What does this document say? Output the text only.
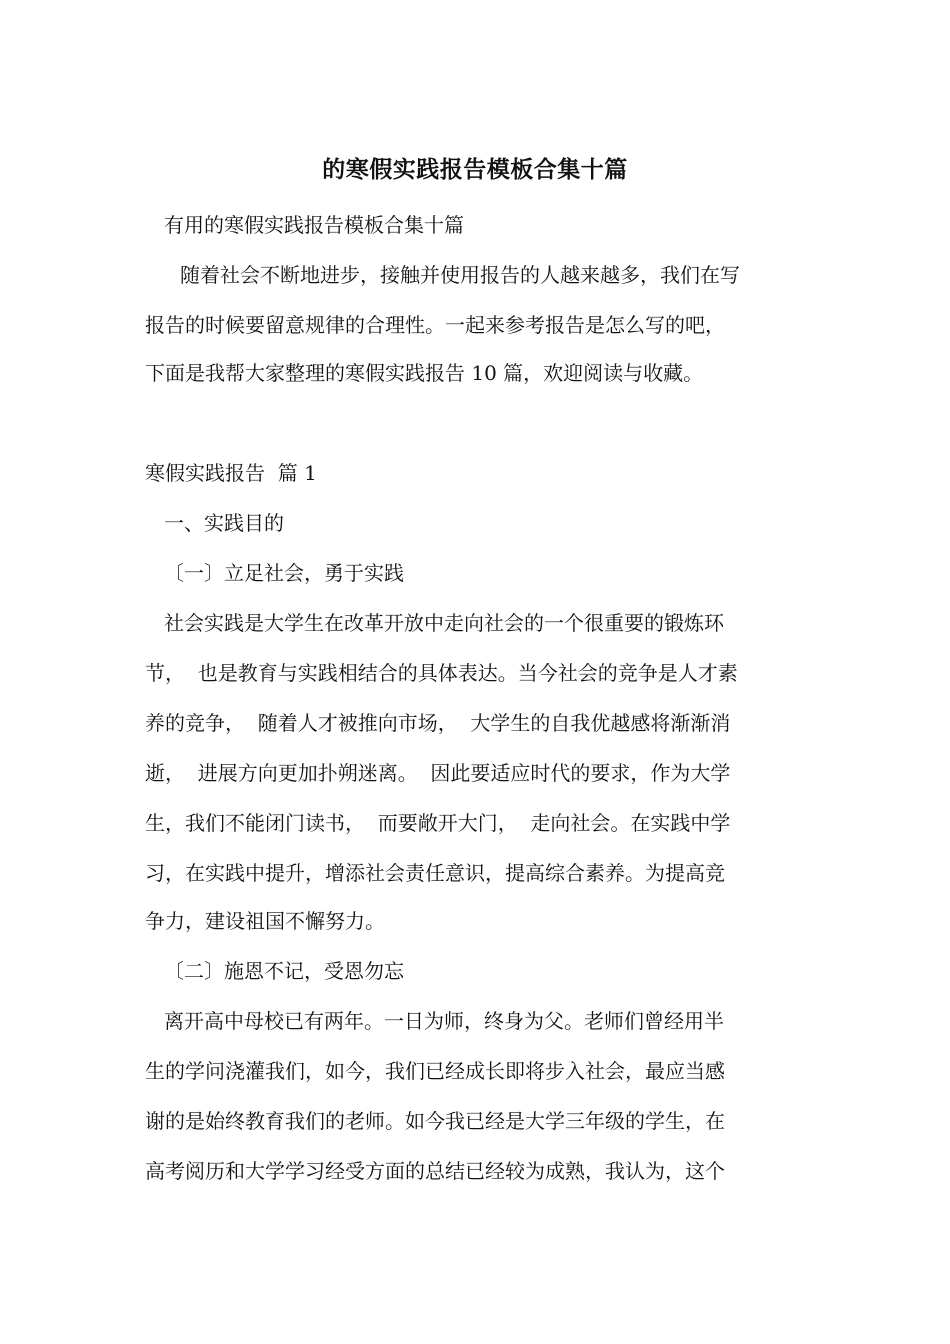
的寒假实践报告模板合集十篇
有用的寒假实践报告模板合集十篇
随着社会不断地进步，接触并使用报告的人越来越多，我们在写
报告的时候要留意规律的合理性。一起来参考报告是怎么写的吧，
下面是我帮大家整理的寒假实践报告 10 篇，欢迎阅读与收藏。
寒假实践报告  篇 1
一、实践目的
〔一〕立足社会，勇于实践
社会实践是大学生在改革开放中走向社会的一个很重要的锻炼环
节，  也是教育与实践相结合的具体表达。当今社会的竞争是人才素
养的竞争，  随着人才被推向市场，  大学生的自我优越感将渐渐消
逝，  进展方向更加扑朔迷离。  因此要适应时代的要求，作为大学
生，我们不能闭门读书，  而要敞开大门，  走向社会。在实践中学
习，在实践中提升，增添社会责任意识，提高综合素养。为提高竞
争力，建设祖国不懈努力。
〔二〕施恩不记，受恩勿忘
离开高中母校已有两年。一日为师，终身为父。老师们曾经用半
生的学问浇灌我们，如今，我们已经成长即将步入社会，最应当感
谢的是始终教育我们的老师。如今我已经是大学三年级的学生，在
高考阅历和大学学习经受方面的总结已经较为成熟，我认为，这个
